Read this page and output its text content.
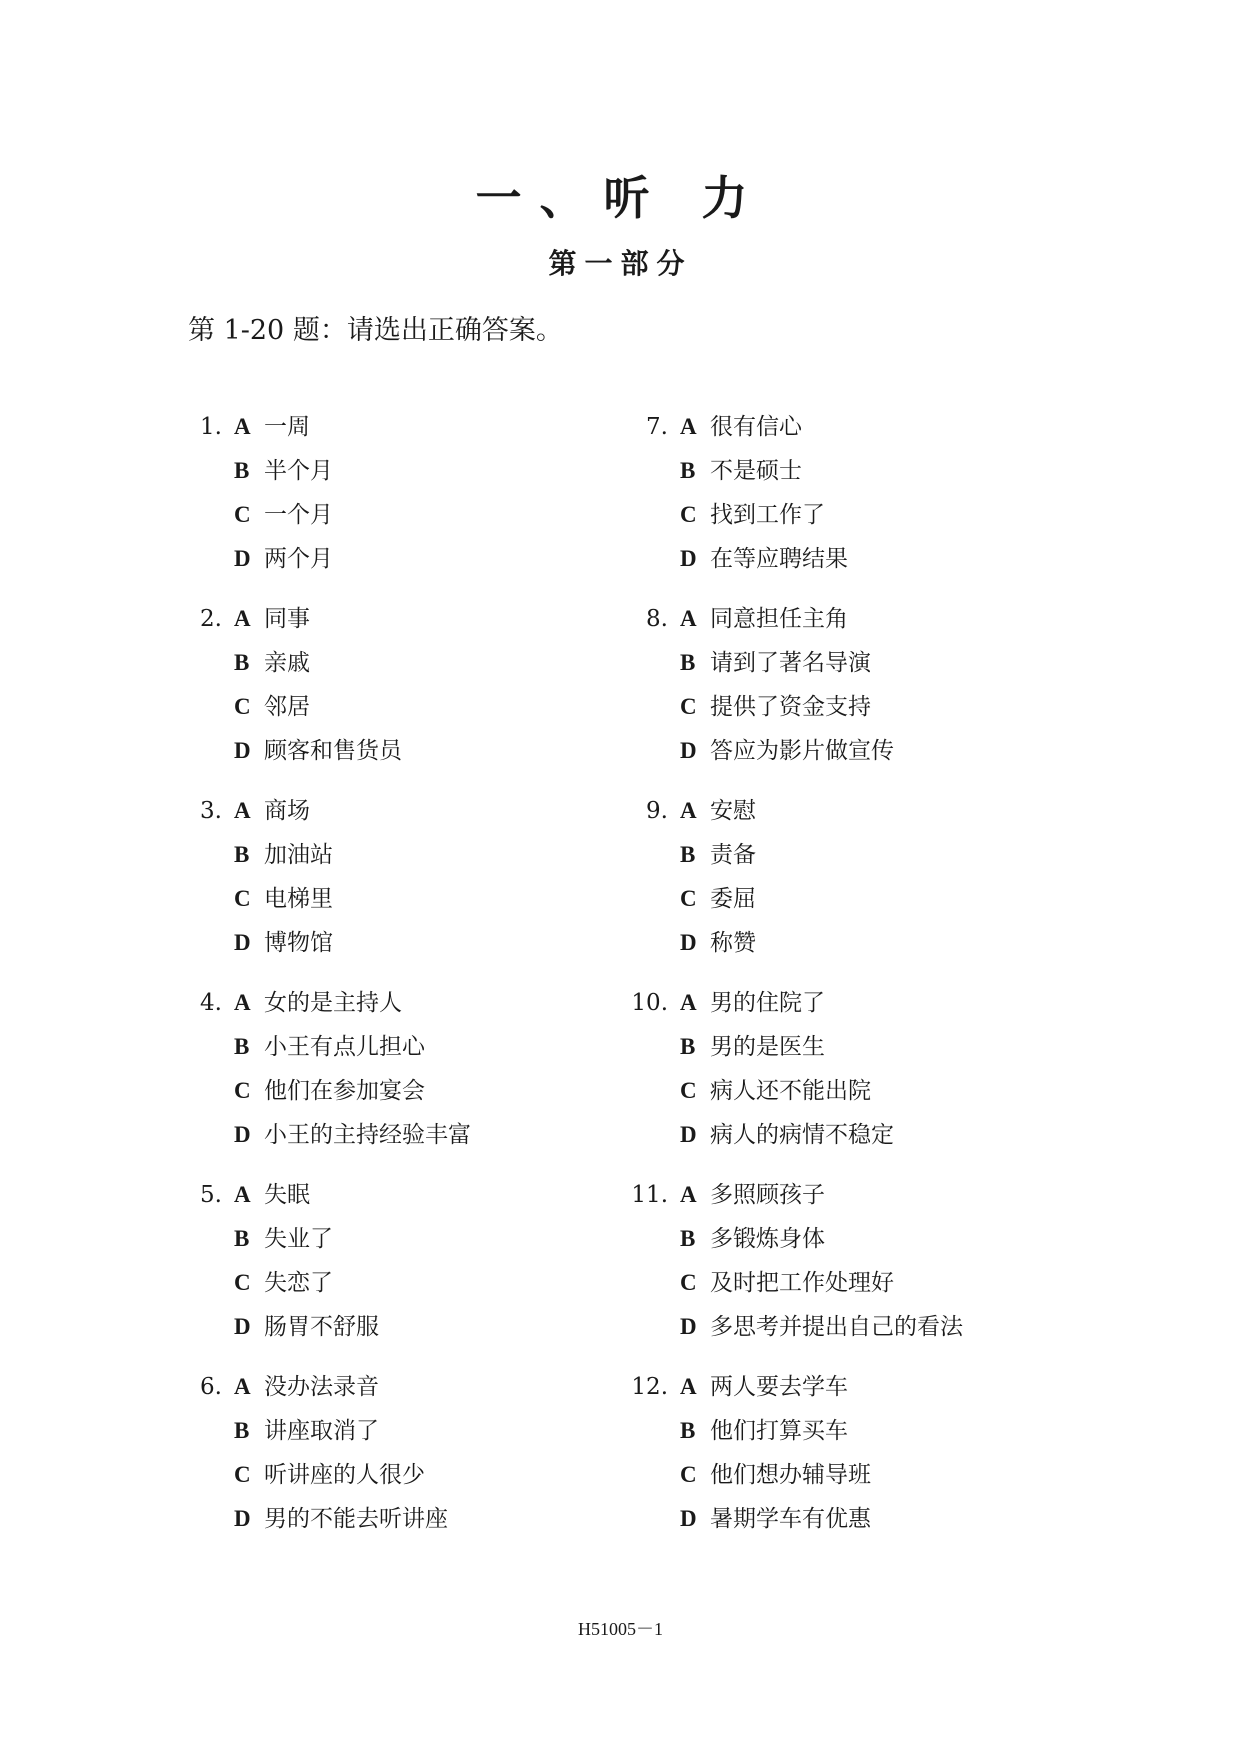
一、听 力
第一部分
第 1-20 题：请选出正确答案。
1. A 一周
B 半个月
C 一个月
D 两个月
2. A 同事
B 亲戚
C 邻居
D 顾客和售货员
3. A 商场
B 加油站
C 电梯里
D 博物馆
4. A 女的是主持人
B 小王有点儿担心
C 他们在参加宴会
D 小王的主持经验丰富
5. A 失眠
B 失业了
C 失恋了
D 肠胃不舒服
6. A 没办法录音
B 讲座取消了
C 听讲座的人很少
D 男的不能去听讲座
7. A 很有信心
B 不是硕士
C 找到工作了
D 在等应聘结果
8. A 同意担任主角
B 请到了著名导演
C 提供了资金支持
D 答应为影片做宣传
9. A 安慰
B 责备
C 委屈
D 称赞
10. A 男的住院了
B 男的是医生
C 病人还不能出院
D 病人的病情不稳定
11. A 多照顾孩子
B 多锻炼身体
C 及时把工作处理好
D 多思考并提出自己的看法
12. A 两人要去学车
B 他们打算买车
C 他们想办辅导班
D 暑期学车有优惠
H51005－1
